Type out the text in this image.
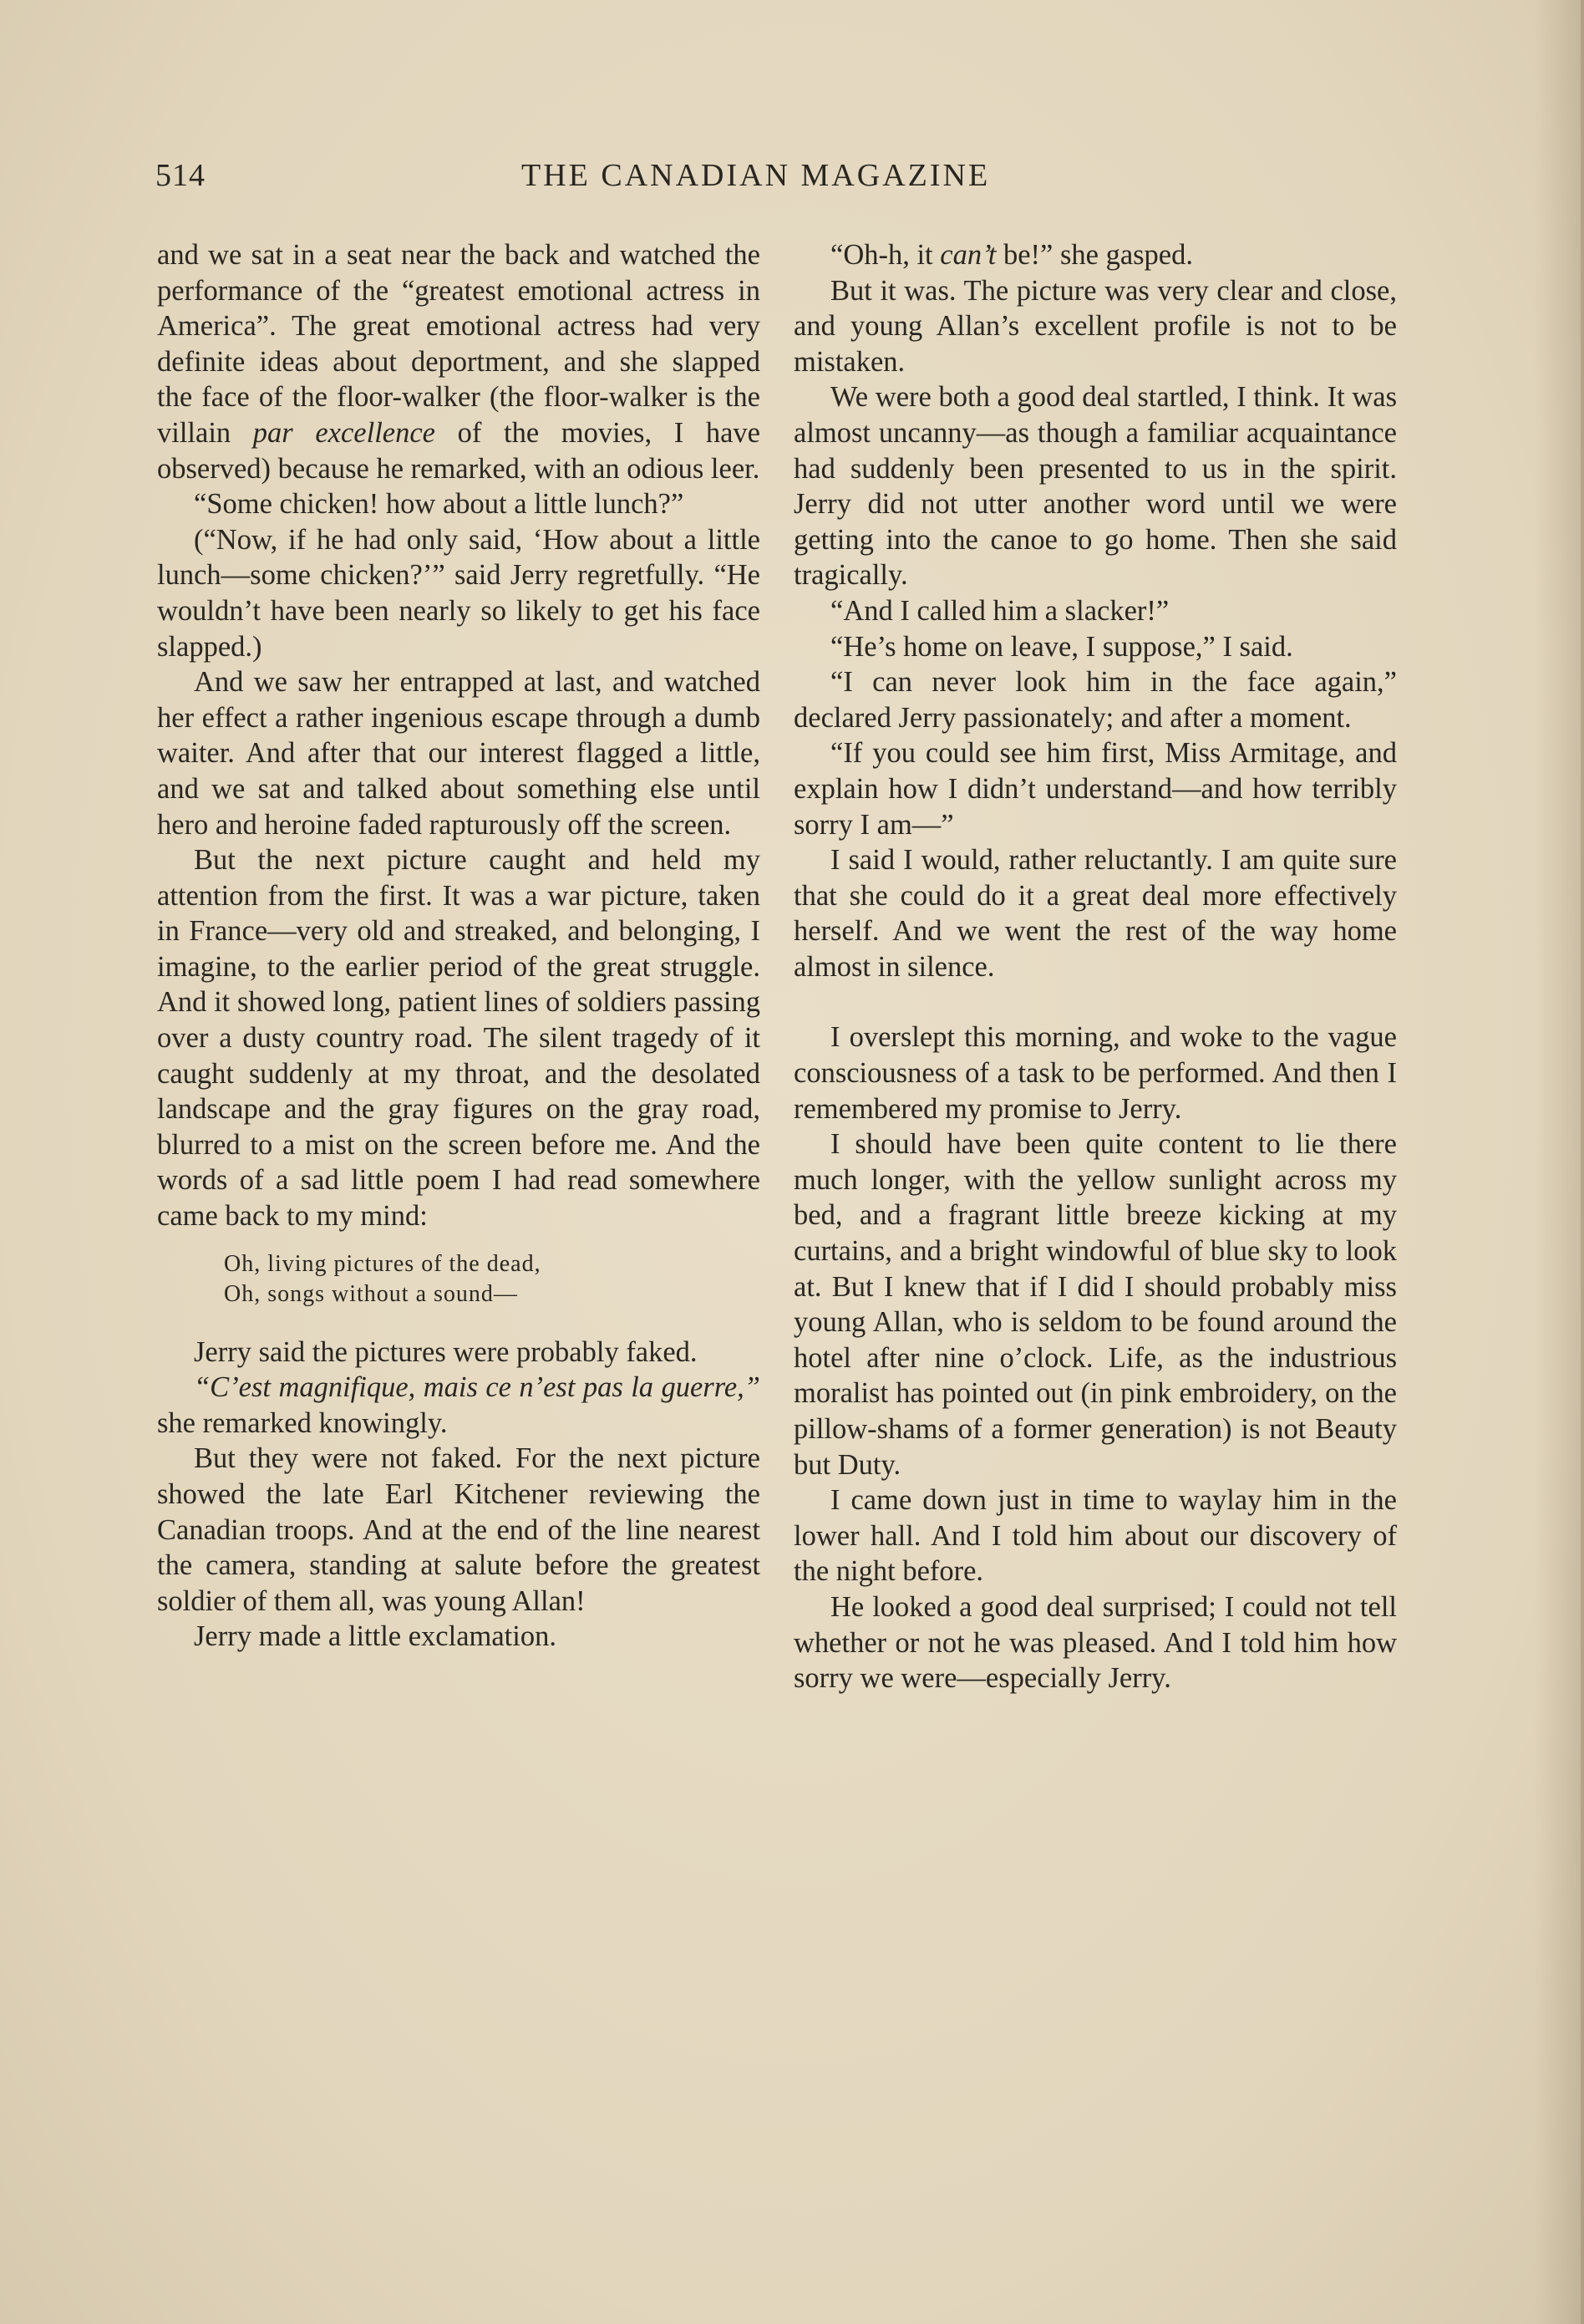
514	THE CANADIAN MAGAZINE

and we sat in a seat near the back and watched the performance of the “greatest emotional actress in America”. The great emotional actress had very definite ideas about deportment, and she slapped the face of the floor-walker (the floor-walker is the villain par excellence of the movies, I have observed) because he remarked, with an odious leer.

“Some chicken! how about a little lunch?”

(“Now, if he had only said, ‘How about a little lunch—some chicken?’” said Jerry regretfully. “He wouldn’t have been nearly so likely to get his face slapped.)

And we saw her entrapped at last, and watched her effect a rather ingenious escape through a dumb waiter. And after that our interest flagged a little, and we sat and talked about something else until hero and heroine faded rapturously off the screen.

But the next picture caught and held my attention from the first. It was a war picture, taken in France—very old and streaked, and belonging, I imagine, to the earlier period of the great struggle. And it showed long, patient lines of soldiers passing over a dusty country road. The silent tragedy of it caught suddenly at my throat, and the desolated landscape and the gray figures on the gray road, blurred to a mist on the screen before me. And the words of a sad little poem I had read somewhere came back to my mind:

Oh, living pictures of the dead,
Oh, songs without a sound—

Jerry said the pictures were probably faked.

“C’est magnifique, mais ce n’est pas la guerre,” she remarked knowingly.

But they were not faked. For the next picture showed the late Earl Kitchener reviewing the Canadian troops. And at the end of the line nearest the camera, standing at salute before the greatest soldier of them all, was young Allan!

Jerry made a little exclamation.

“Oh-h, it can’t be!” she gasped.

But it was. The picture was very clear and close, and young Allan’s excellent profile is not to be mistaken.

We were both a good deal startled, I think. It was almost uncanny—as though a familiar acquaintance had suddenly been presented to us in the spirit. Jerry did not utter another word until we were getting into the canoe to go home. Then she said tragically.

“And I called him a slacker!”

“He’s home on leave, I suppose,” I said.

“I can never look him in the face again,” declared Jerry passionately; and after a moment.

“If you could see him first, Miss Armitage, and explain how I didn’t understand—and how terribly sorry I am—”

I said I would, rather reluctantly. I am quite sure that she could do it a great deal more effectively herself. And we went the rest of the way home almost in silence.

I overslept this morning, and woke to the vague consciousness of a task to be performed. And then I remembered my promise to Jerry.

I should have been quite content to lie there much longer, with the yellow sunlight across my bed, and a fragrant little breeze kicking at my curtains, and a bright windowful of blue sky to look at. But I knew that if I did I should probably miss young Allan, who is seldom to be found around the hotel after nine o’clock. Life, as the industrious moralist has pointed out (in pink embroidery, on the pillow-shams of a former generation) is not Beauty but Duty.

I came down just in time to waylay him in the lower hall. And I told him about our discovery of the night before.

He looked a good deal surprised; I could not tell whether or not he was pleased. And I told him how sorry we were—especially Jerry.
